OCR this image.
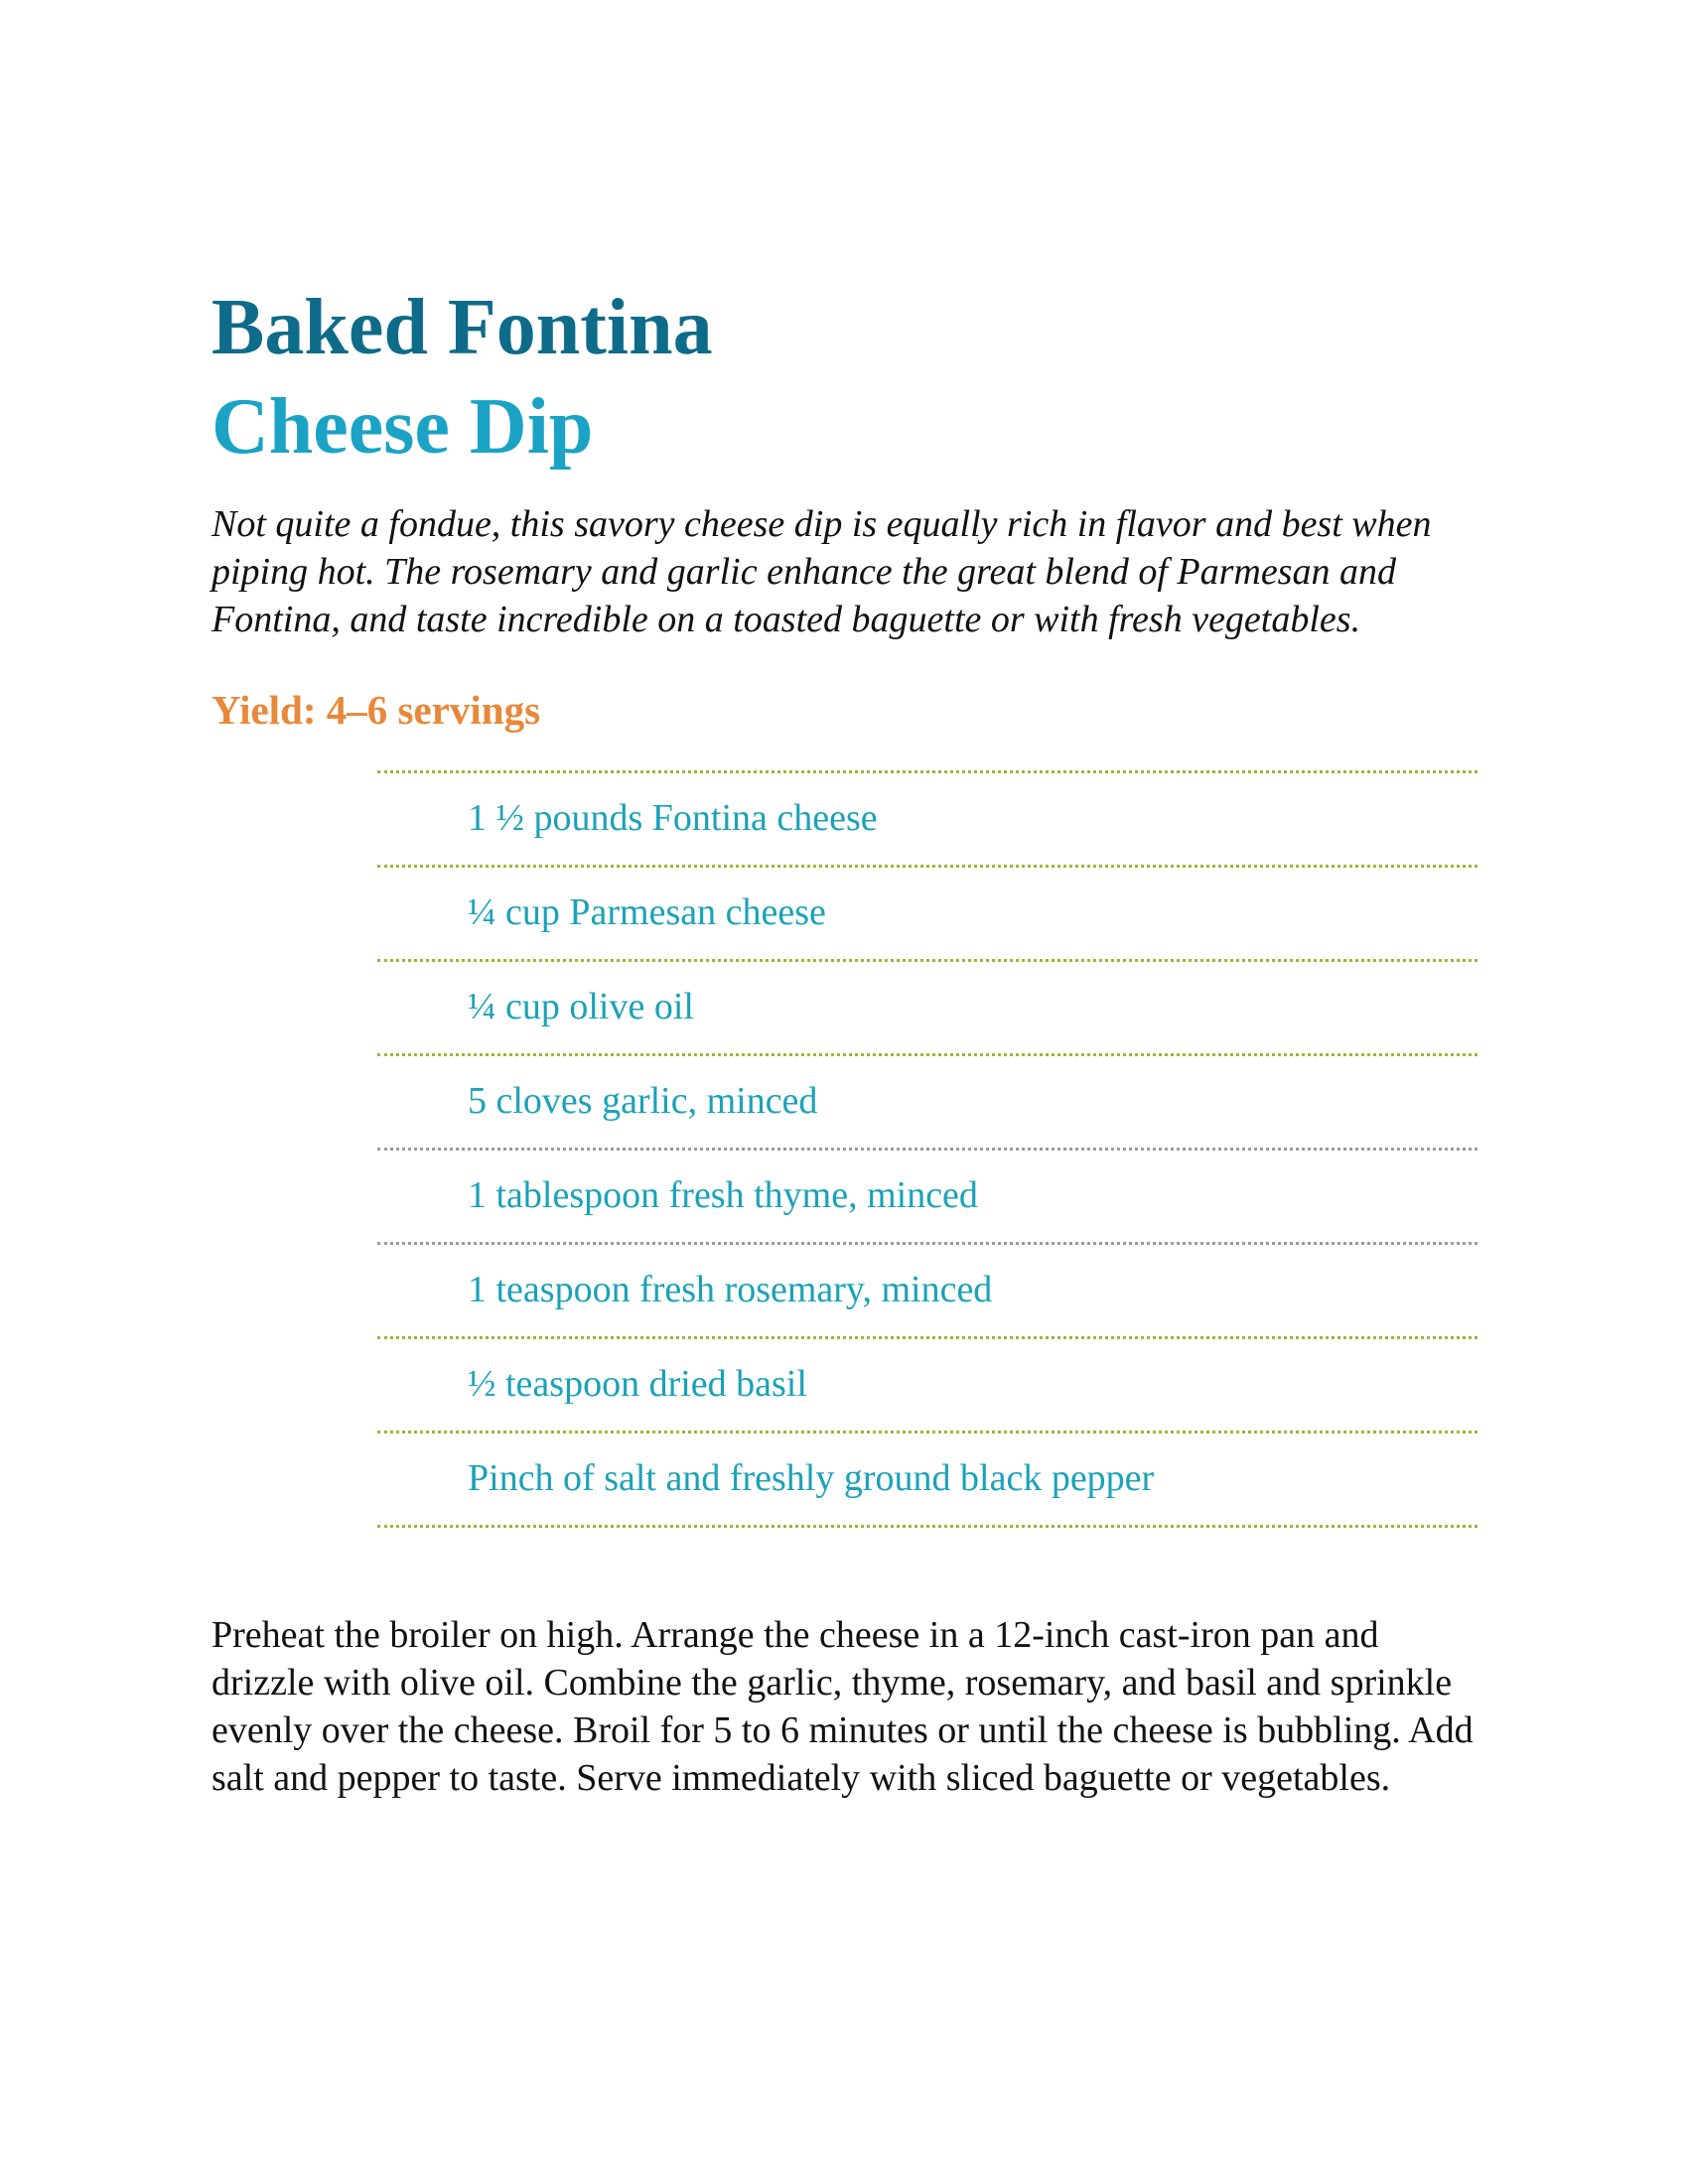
Baked Fontina
Cheese Dip

Not quite a fondue, this savory cheese dip is equally rich in flavor and best when piping hot. The rosemary and garlic enhance the great blend of Parmesan and Fontina, and taste incredible on a toasted baguette or with fresh vegetables.

Yield: 4–6 servings
1 ½ pounds Fontina cheese
¼ cup Parmesan cheese
¼ cup olive oil
5 cloves garlic, minced
1 tablespoon fresh thyme, minced
1 teaspoon fresh rosemary, minced
½ teaspoon dried basil
Pinch of salt and freshly ground black pepper

Preheat the broiler on high. Arrange the cheese in a 12-inch cast-iron pan and drizzle with olive oil. Combine the garlic, thyme, rosemary, and basil and sprinkle evenly over the cheese. Broil for 5 to 6 minutes or until the cheese is bubbling. Add salt and pepper to taste. Serve immediately with sliced baguette or vegetables.
